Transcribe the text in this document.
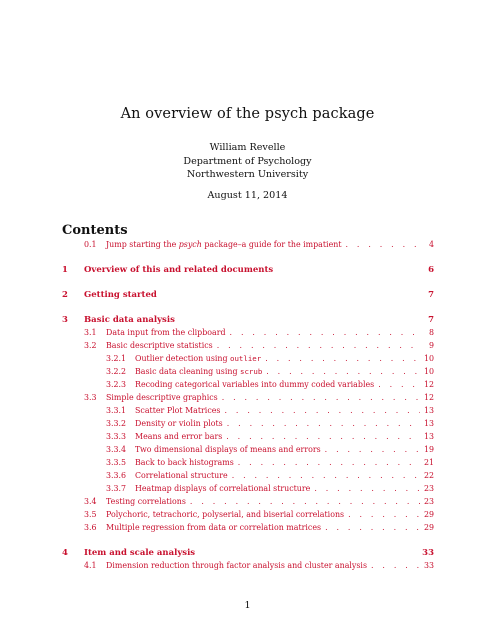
An overview of the psych package
William Revelle
Department of Psychology
Northwestern University
August 11, 2014
Contents
0.1	Jump starting the psych package–a guide for the impatient . . .	4
1	Overview of this and related documents	6
2	Getting started	7
3	Basic data analysis	7
3.1	Data input from the clipboard . . .	8
3.2	Basic descriptive statistics . . .	9
3.2.1	Outlier detection using outlier . . .	10
3.2.2	Basic data cleaning using scrub . . .	10
3.2.3	Recoding categorical variables into dummy coded variables . . .	12
3.3	Simple descriptive graphics . . .	12
3.3.1	Scatter Plot Matrices . . .	13
3.3.2	Density or violin plots . . .	13
3.3.3	Means and error bars . . .	13
3.3.4	Two dimensional displays of means and errors . . .	19
3.3.5	Back to back histograms . . .	21
3.3.6	Correlational structure . . .	22
3.3.7	Heatmap displays of correlational structure . . .	23
3.4	Testing correlations . . .	23
3.5	Polychoric, tetrachoric, polyserial, and biserial correlations . . .	29
3.6	Multiple regression from data or correlation matrices . . .	29
4	Item and scale analysis	33
4.1	Dimension reduction through factor analysis and cluster analysis . . .	33
1
